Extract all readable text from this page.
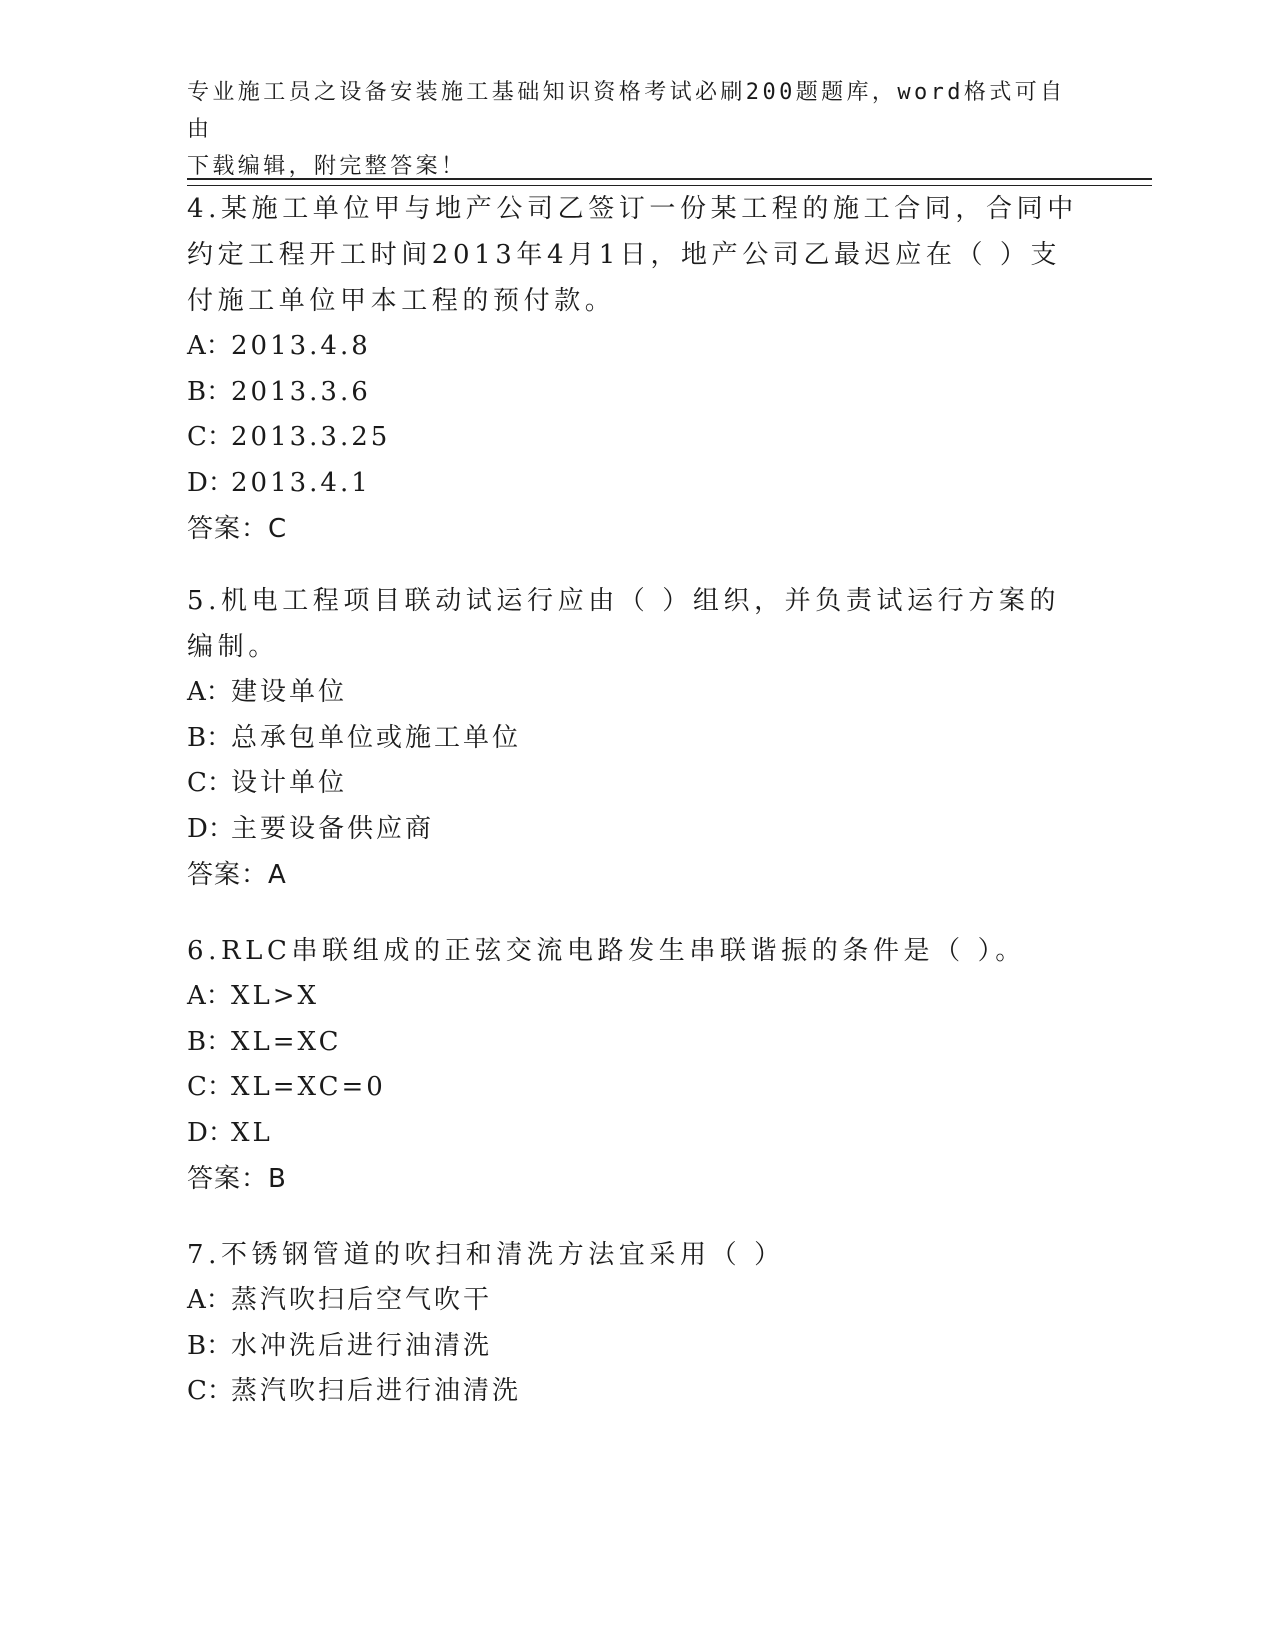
专业施工员之设备安装施工基础知识资格考试必刷200题题库，word格式可自由
下载编辑，附完整答案！

4.某施工单位甲与地产公司乙签订一份某工程的施工合同，合同中约定工程开工时间2013年4月1日，地产公司乙最迟应在（ ）支付施工单位甲本工程的预付款。

A：2013.4.8

B：2013.3.6

C：2013.3.25

D：2013.4.1

答案：C

5.机电工程项目联动试运行应由（ ）组织，并负责试运行方案的编制。

A：建设单位

B：总承包单位或施工单位

C：设计单位

D：主要设备供应商

答案：A

6.RLC串联组成的正弦交流电路发生串联谐振的条件是（ ）。

A：XL>X

B：XL=XC

C：XL=XC=0

D：XL

答案：B

7.不锈钢管道的吹扫和清洗方法宜采用（ ）

A：蒸汽吹扫后空气吹干

B：水冲洗后进行油清洗

C：蒸汽吹扫后进行油清洗
